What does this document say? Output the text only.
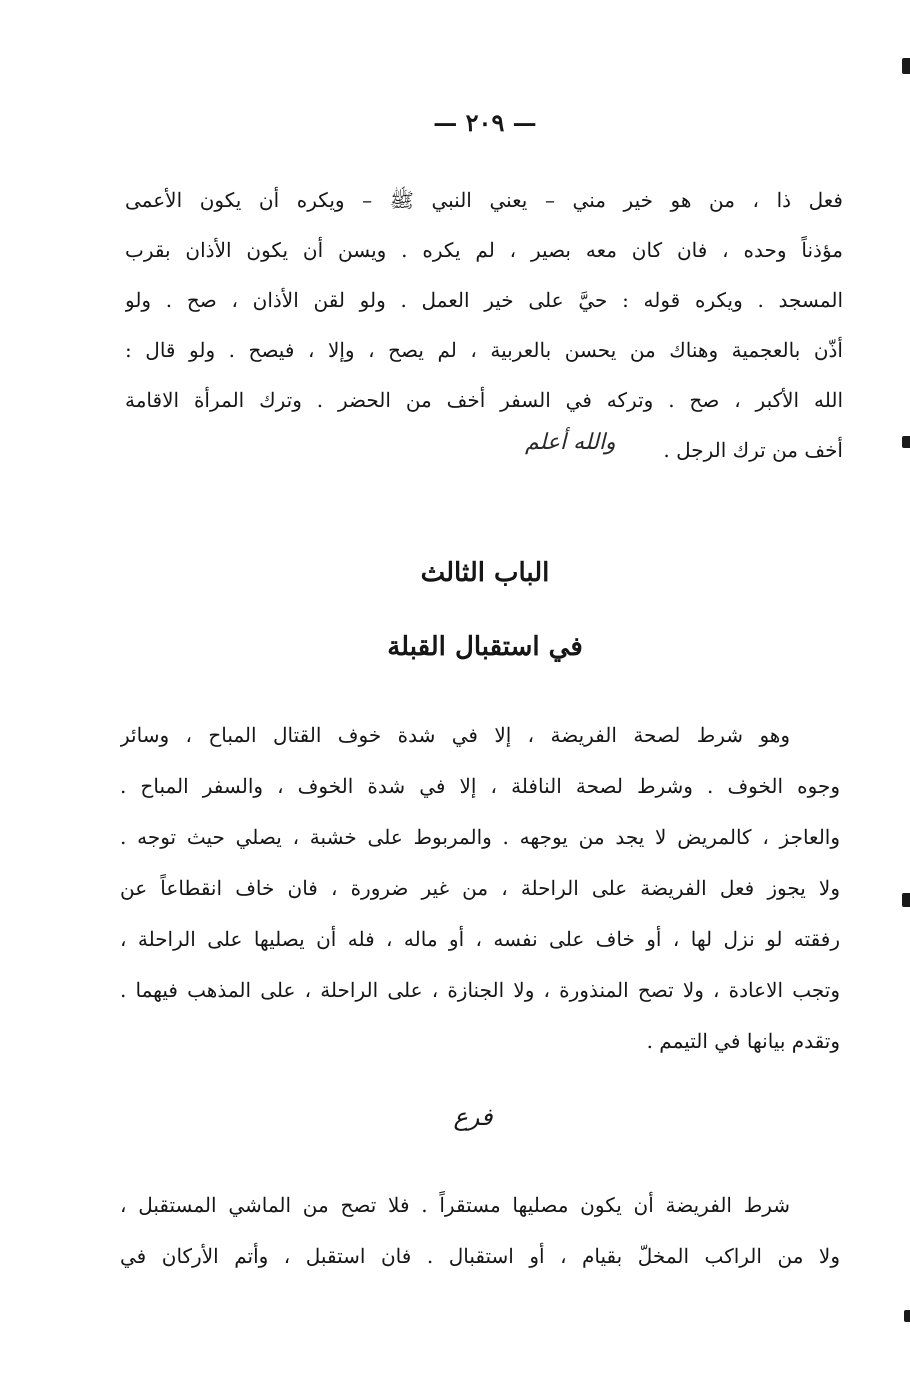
— ٢٠٩ —
فعل ذا ، من هو خير مني – يعني النبي ﷺ – ويكره أن يكون الأعمى
مؤذناً وحده ، فان كان معه بصير ، لم يكره . ويسن أن يكون الأذان بقرب
المسجد . ويكره قوله : حيَّ على خير العمل . ولو لقن الأذان ، صح . ولو
أذّن بالعجمية وهناك من يحسن بالعربية ، لم يصح ، وإلا ، فيصح . ولو قال :
الله الأكبر ، صح . وتركه في السفر أخف من الحضر . وترك المرأة الاقامة
أخف من ترك الرجل .
والله أعلم
الباب الثالث
في استقبال القبلة
وهو شرط لصحة الفريضة ، إلا في شدة خوف القتال المباح ، وسائر
وجوه الخوف . وشرط لصحة النافلة ، إلا في شدة الخوف ، والسفر المباح .
والعاجز ، كالمريض لا يجد من يوجهه . والمربوط على خشبة ، يصلي حيث توجه .
ولا يجوز فعل الفريضة على الراحلة ، من غير ضرورة ، فان خاف انقطاعاً عن
رفقته لو نزل لها ، أو خاف على نفسه ، أو ماله ، فله أن يصليها على الراحلة ،
وتجب الاعادة ، ولا تصح المنذورة ، ولا الجنازة ، على الراحلة ، على المذهب فيهما .
وتقدم بيانها في التيمم .
فرع
شرط الفريضة أن يكون مصليها مستقراً . فلا تصح من الماشي المستقبل ،
ولا من الراكب المخلّ بقيام ، أو استقبال . فان استقبل ، وأتم الأركان في
